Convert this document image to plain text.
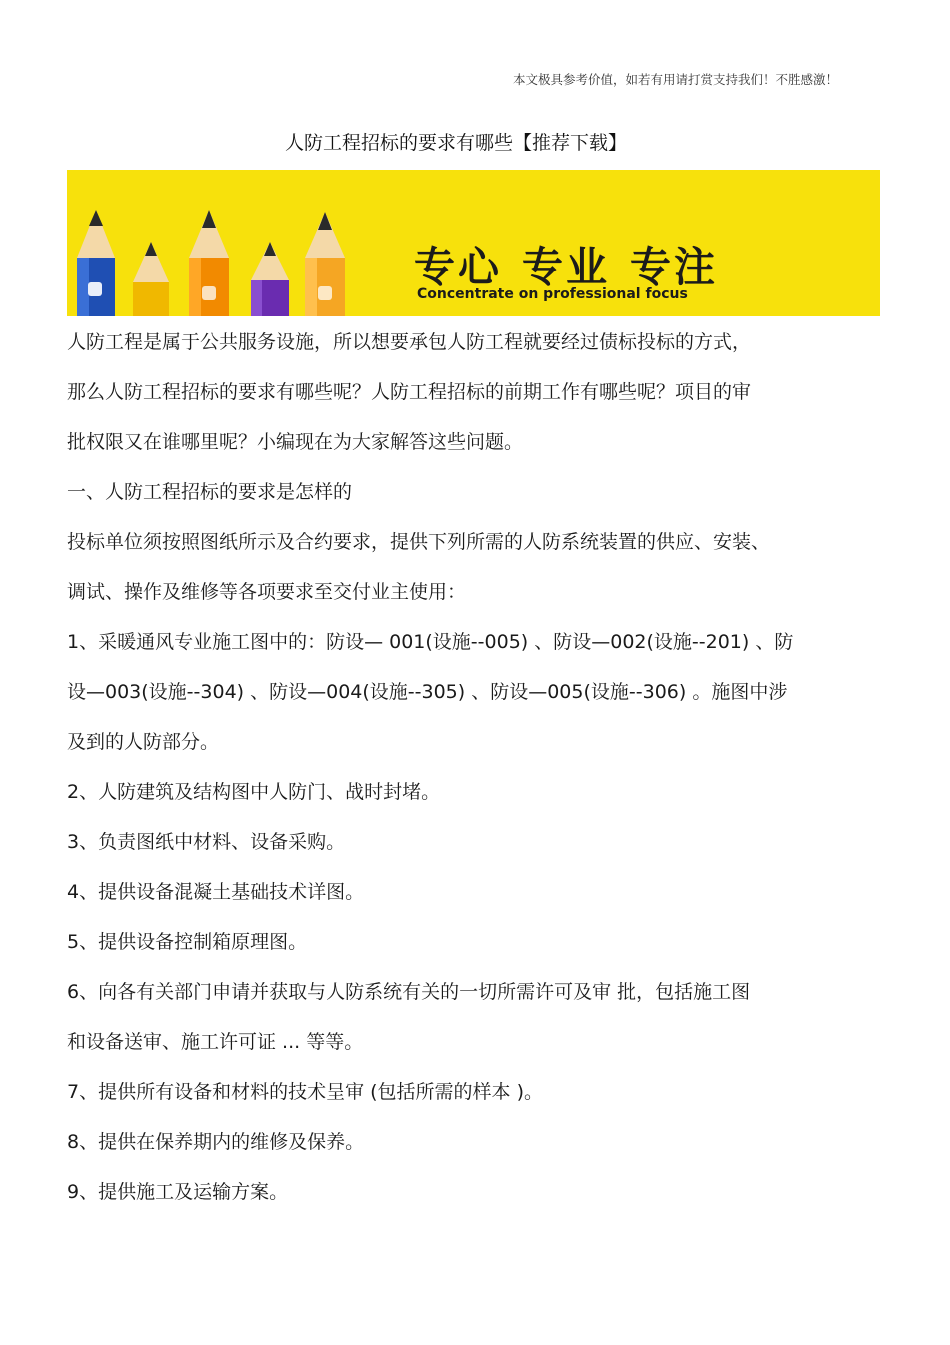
本文极具参考价值，如若有用请打赏支持我们！不胜感激！
人防工程招标的要求有哪些【推荐下载】
专心 专业 专注
Concentrate on professional focus
人防工程是属于公共服务设施，所以想要承包人防工程就要经过债标投标的方式，
那么人防工程招标的要求有哪些呢？人防工程招标的前期工作有哪些呢？项目的审
批权限又在谁哪里呢？小编现在为大家解答这些问题。
一、人防工程招标的要求是怎样的
投标单位须按照图纸所示及合约要求，提供下列所需的人防系统装置的供应、安装、
调试、操作及维修等各项要求至交付业主使用：
1、采暖通风专业施工图中的：防设— 001(设施--005) 、防设—002(设施--201) 、防
设—003(设施--304) 、防设—004(设施--305) 、防设—005(设施--306) 。施图中涉
及到的人防部分。
2、人防建筑及结构图中人防门、战时封堵。
3、负责图纸中材料、设备采购。
4、提供设备混凝土基础技术详图。
5、提供设备控制箱原理图。
6、向各有关部门申请并获取与人防系统有关的一切所需许可及审 批，包括施工图
和设备送审、施工许可证 ... 等等。
7、提供所有设备和材料的技术呈审 (包括所需的样本 )。
8、提供在保养期内的维修及保养。
9、提供施工及运输方案。
